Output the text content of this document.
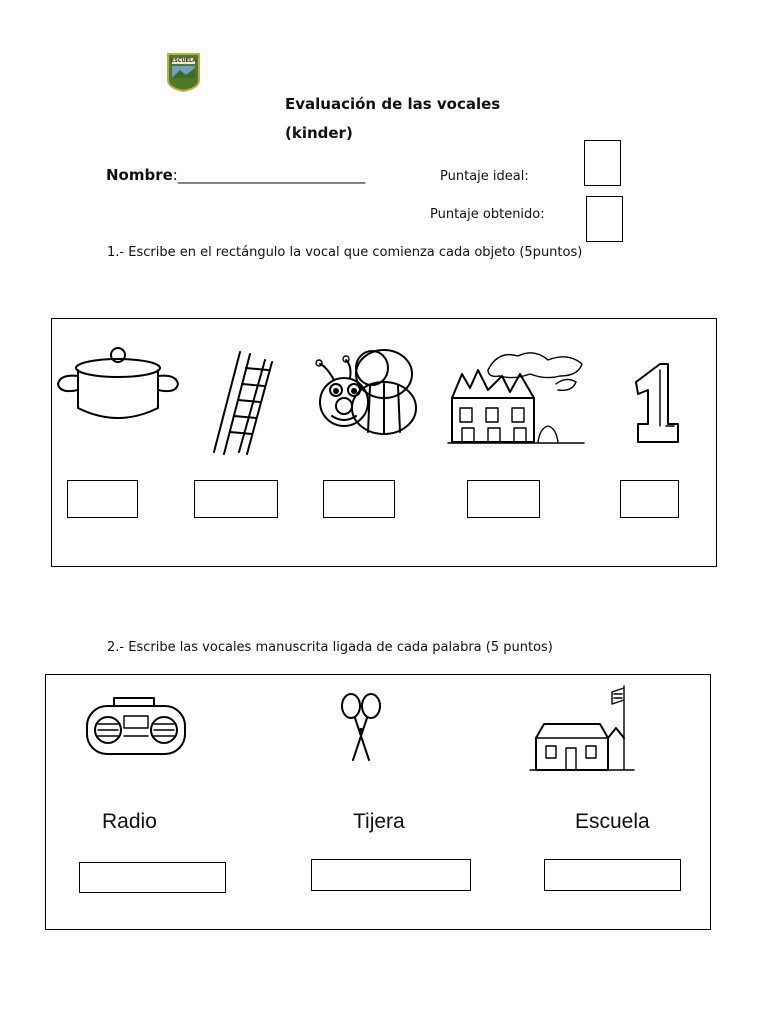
ESCUELA
Evaluación de las vocales
(kinder)
Nombre:_________________________	Puntaje ideal:
Puntaje obtenido:
1.- Escribe en el rectángulo la vocal que comienza cada objeto (5puntos)
2.- Escribe las vocales manuscrita ligada de cada palabra (5 puntos)
Radio	Tijera	Escuela
